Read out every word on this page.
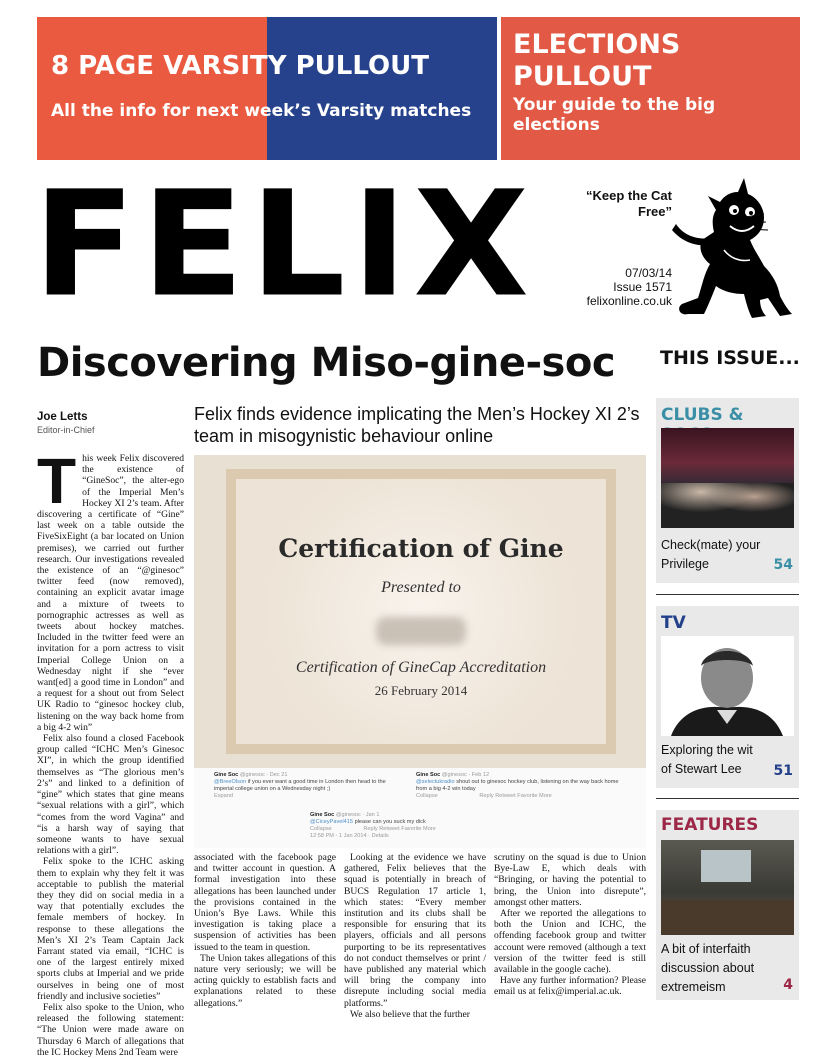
8 PAGE VARSITY PULLOUT
All the info for next week’s Varsity matches
ELECTIONS PULLOUT
Your guide to the big elections
FELIX	“Keep the Cat Free”
07/03/14
Issue 1571
felixonline.co.uk
Discovering Miso-gine-soc THIS ISSUE...
Joe Letts
Editor-in-Chief
Felix finds evidence implicating the Men’s Hockey XI 2’s team in misogynistic behaviour online

This week Felix discovered the existence of “GineSoc”, the alter-ego of the Imperial Men’s Hockey XI 2’s team. After discovering a certificate of “Gine” last week on a table outside the FiveSixEight (a bar located on Union premises), we carried out further research. Our investigations revealed the existence of an “@ginesoc” twitter feed (now removed), containing an explicit avatar image and a mixture of tweets to pornographic actresses as well as tweets about hockey matches. Included in the twitter feed were an invitation for a porn actress to visit Imperial College Union on a Wednesday night if she “ever want[ed] a good time in London” and a request for a shout out from Select UK Radio to “ginesoc hockey club, listening on the way back home from a big 4-2 win”

Felix also found a closed Facebook group called “ICHC Men’s Ginesoc XI”, in which the group identified themselves as “The glorious men’s 2’s” and linked to a definition of “gine” which states that gine means “sexual relations with a girl”, which “comes from the word Vagina” and “is a harsh way of saying that someone wants to have sexual relations with a girl”.

Felix spoke to the ICHC asking them to explain why they felt it was acceptable to publish the material they they did on social media in a way that potentially excludes the female members of hockey. In response to these allegations the Men’s XI 2’s Team Captain Jack Farrant stated via email, “ICHC is one of the largest entirely mixed sports clubs at Imperial and we pride ourselves in being one of most friendly and inclusive societies”

Felix also spoke to the Union, who released the following statement: “The Union were made aware on Thursday 6 March of allegations that the IC Hockey Mens 2nd Team were

Certification of Gine
Presented to
Certification of GineCap Accreditation
26 February 2014
Gine Soc @ginesoc · Dec 21
@BreeOlson if you ever want a good time in London then head to the imperial college union on a Wednesday night ;)
Expand
Gine Soc @ginesoc · Feb 12
@selectukradio shout out to ginesoc hockey club, listening on the way back home from a big 4-2 win today
Collapse	Reply Retweet Favorite More
Gine Soc @ginesoc · Jan 1
@CiceyPavel415 please can you suck my dick
Collapse	Reply Retweet Favorite More
12:58 PM - 1 Jan 2014 · Details

associated with the facebook page and twitter account in question. A formal investigation into these allegations has been launched under the provisions contained in the Union’s Bye Laws. While this investigation is taking place a suspension of activities has been issued to the team in question.

The Union takes allegations of this nature very seriously; we will be acting quickly to establish facts and explanations related to these allegations.”

Looking at the evidence we have gathered, Felix believes that the squad is potentially in breach of BUCS Regulation 17 article 1, which states: “Every member institution and its clubs shall be responsible for ensuring that its players, officials and all persons purporting to be its representatives do not conduct themselves or print / have published any material which will bring the company into disrepute including social media platforms.”

We also believe that the further

scrutiny on the squad is due to Union Bye-Law E, which deals with “Bringing, or having the potential to bring, the Union into disrepute”, amongst other matters.

After we reported the allegations to both the Union and ICHC, the offending facebook group and twitter account were removed (although a text version of the twitter feed is still available in the google cache).

Have any further information? Please email us at felix@imperial.ac.uk.

CLUBS &
Check(mate) your Privilege	54
TV
Exploring the wit of Stewart Lee	51
FEATURES
A bit of interfaith discussion about extremeism	4
